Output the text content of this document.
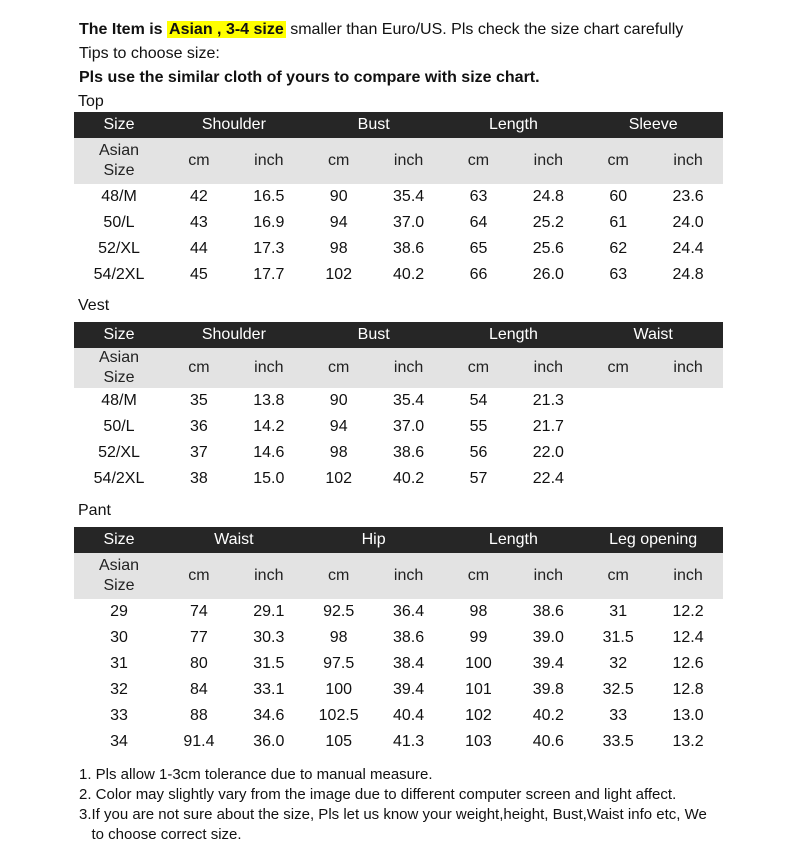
The Item is Asian , 3-4 size smaller than Euro/US. Pls check the size chart carefully
Tips to choose size:
Pls use the similar cloth of yours to compare with size chart.
Top
Size	Shoulder		Bust		Length		Sleeve	
Asian Size	cm	inch	cm	inch	cm	inch	cm	inch
48/M	42	16.5	90	35.4	63	24.8	60	23.6
50/L	43	16.9	94	37.0	64	25.2	61	24.0
52/XL	44	17.3	98	38.6	65	25.6	62	24.4
54/2XL	45	17.7	102	40.2	66	26.0	63	24.8
Vest
Size	Shoulder		Bust		Length		Waist	
Asian Size	cm	inch	cm	inch	cm	inch	cm	inch
48/M	35	13.8	90	35.4	54	21.3		
50/L	36	14.2	94	37.0	55	21.7		
52/XL	37	14.6	98	38.6	56	22.0		
54/2XL	38	15.0	102	40.2	57	22.4		
Pant
Size	Waist		Hip		Length		Leg opening	
Asian Size	cm	inch	cm	inch	cm	inch	cm	inch
29	74	29.1	92.5	36.4	98	38.6	31	12.2
30	77	30.3	98	38.6	99	39.0	31.5	12.4
31	80	31.5	97.5	38.4	100	39.4	32	12.6
32	84	33.1	100	39.4	101	39.8	32.5	12.8
33	88	34.6	102.5	40.4	102	40.2	33	13.0
34	91.4	36.0	105	41.3	103	40.6	33.5	13.2
1. Pls allow 1-3cm tolerance due to manual measure.
2. Color may slightly vary from the image due to different computer screen and light affect.
3.If you are not sure about the size, Pls let us know your weight,height, Bust,Waist info etc, We
to choose correct size.
